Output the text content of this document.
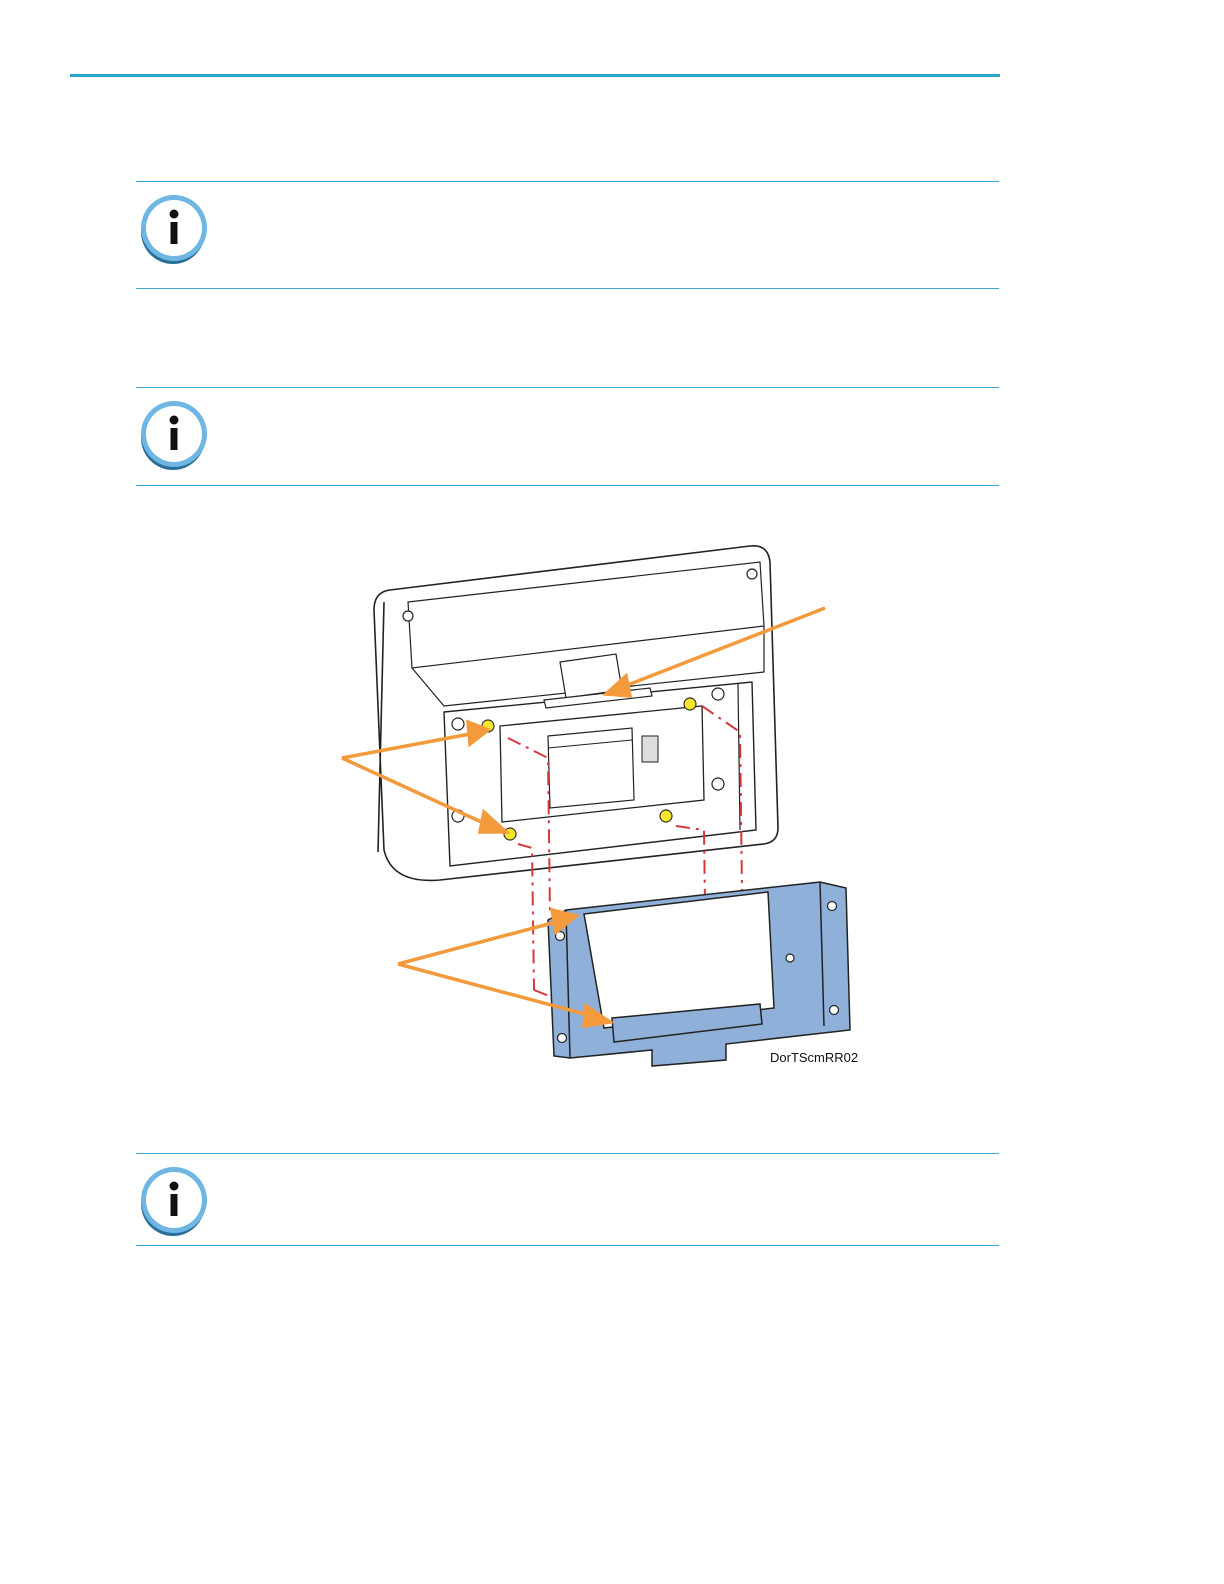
DorTScmRR02
